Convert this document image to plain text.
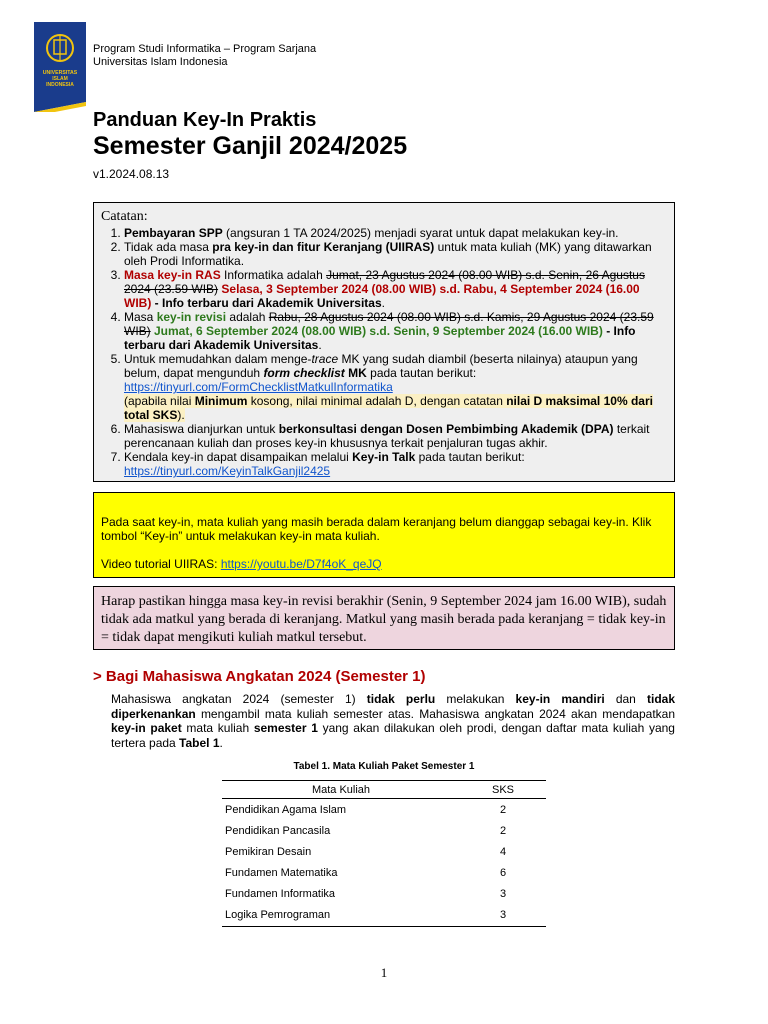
UNIVERSITAS
ISLAM
INDONESIA
Program Studi Informatika – Program Sarjana
Universitas Islam Indonesia
Panduan Key-In Praktis
Semester Ganjil 2024/2025
v1.2024.08.13
Catatan:
1. Pembayaran SPP (angsuran 1 TA 2024/2025) menjadi syarat untuk dapat melakukan key-in.
2. Tidak ada masa pra key-in dan fitur Keranjang (UIIRAS) untuk mata kuliah (MK) yang ditawarkan oleh Prodi Informatika.
3. Masa key-in RAS Informatika adalah Jumat, 23 Agustus 2024 (08.00 WIB) s.d. Senin, 26 Agustus 2024 (23.59 WIB) Selasa, 3 September 2024 (08.00 WIB) s.d. Rabu, 4 September 2024 (16.00 WIB) - Info terbaru dari Akademik Universitas.
4. Masa key-in revisi adalah Rabu, 28 Agustus 2024 (08.00 WIB) s.d. Kamis, 29 Agustus 2024 (23.59 WIB) Jumat, 6 September 2024 (08.00 WIB) s.d. Senin, 9 September 2024 (16.00 WIB) - Info terbaru dari Akademik Universitas.
5. Untuk memudahkan dalam menge-trace MK yang sudah diambil (beserta nilainya) ataupun yang belum, dapat mengunduh form checklist MK pada tautan berikut:
https://tinyurl.com/FormChecklistMatkulInformatika
(apabila nilai Minimum kosong, nilai minimal adalah D, dengan catatan nilai D maksimal 10% dari total SKS).
6. Mahasiswa dianjurkan untuk berkonsultasi dengan Dosen Pembimbing Akademik (DPA) terkait perencanaan kuliah dan proses key-in khususnya terkait penjaluran tugas akhir.
7. Kendala key-in dapat disampaikan melalui Key-in Talk pada tautan berikut:
https://tinyurl.com/KeyinTalkGanjil2425

Pada saat key-in, mata kuliah yang masih berada dalam keranjang belum dianggap sebagai key-in. Klik tombol “Key-in” untuk melakukan key-in mata kuliah.

Video tutorial UIIRAS: https://youtu.be/D7f4oK_qeJQ

Harap pastikan hingga masa key-in revisi berakhir (Senin, 9 September 2024 jam 16.00 WIB), sudah tidak ada matkul yang berada di keranjang. Matkul yang masih berada pada keranjang = tidak key-in = tidak dapat mengikuti kuliah matkul tersebut.
> Bagi Mahasiswa Angkatan 2024 (Semester 1)
Mahasiswa angkatan 2024 (semester 1) tidak perlu melakukan key-in mandiri dan tidak diperkenankan mengambil mata kuliah semester atas. Mahasiswa angkatan 2024 akan mendapatkan key-in paket mata kuliah semester 1 yang akan dilakukan oleh prodi, dengan daftar mata kuliah yang tertera pada Tabel 1.
Tabel 1. Mata Kuliah Paket Semester 1
Mata Kuliah	SKS
Pendidikan Agama Islam	2
Pendidikan Pancasila	2
Pemikiran Desain	4
Fundamen Matematika	6
Fundamen Informatika	3
Logika Pemrograman	3
1
